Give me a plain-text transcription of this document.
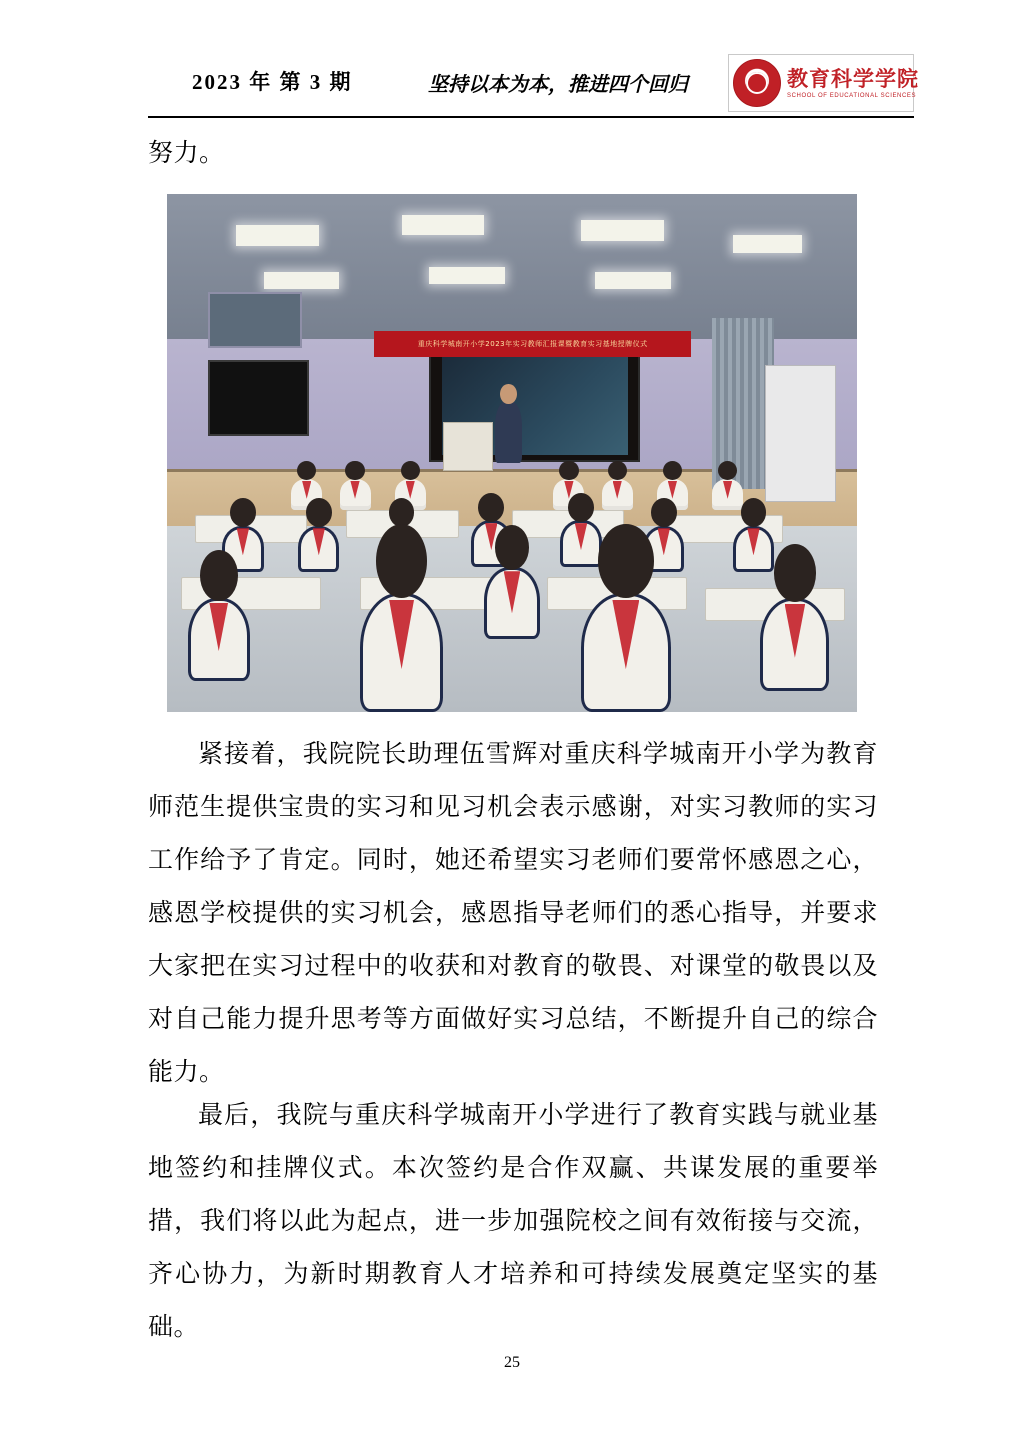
2023 年 第 3 期	坚持以本为本，推进四个回归	教育科学学院
SCHOOL OF EDUCATIONAL SCIENCES
努力。
重庆科学城南开小学2023年实习教师汇报课暨教育实习基地授牌仪式
紧接着，我院院长助理伍雪辉对重庆科学城南开小学为教育师范生提供宝贵的实习和见习机会表示感谢，对实习教师的实习工作给予了肯定。同时，她还希望实习老师们要常怀感恩之心，感恩学校提供的实习机会，感恩指导老师们的悉心指导，并要求大家把在实习过程中的收获和对教育的敬畏、对课堂的敬畏以及对自己能力提升思考等方面做好实习总结，不断提升自己的综合能力。
最后，我院与重庆科学城南开小学进行了教育实践与就业基地签约和挂牌仪式。本次签约是合作双赢、共谋发展的重要举措，我们将以此为起点，进一步加强院校之间有效衔接与交流，齐心协力，为新时期教育人才培养和可持续发展奠定坚实的基础。
25
